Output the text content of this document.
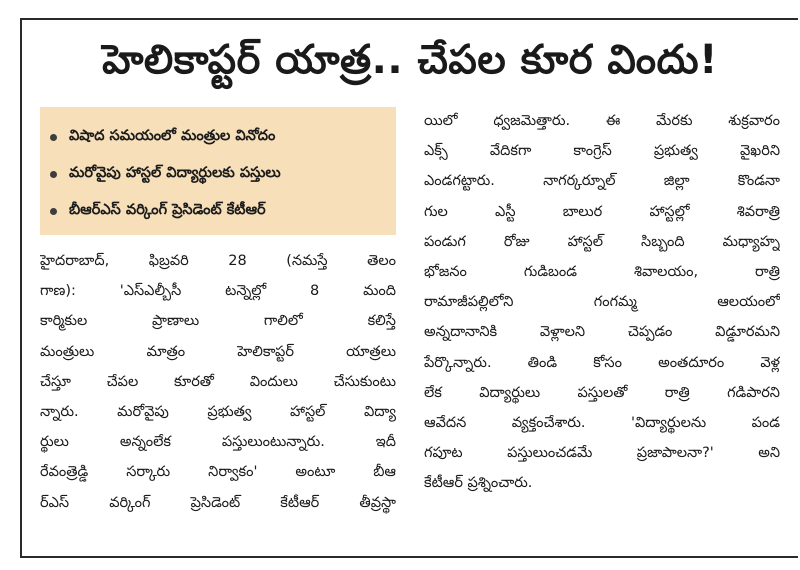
హెలికాప్టర్ యాత్ర.. చేపల కూర విందు!
విషాద సమయంలో మంత్రుల వినోదం
మరోవైపు హాస్టల్ విద్యార్థులకు పస్తులు
బీఆర్ఎస్ వర్కింగ్ ప్రెసిడెంట్ కేటీఆర్
హైదరాబాద్, ఫిబ్రవరి 28 (నమస్తే తెలం
గాణ): 'ఎస్ఎల్బీసీ టన్నెల్లో 8 మంది
కార్మికుల ప్రాణాలు గాలిలో కలిస్తే
మంత్రులు మాత్రం హెలికాప్టర్ యాత్రలు
చేస్తూ చేపల కూరతో విందులు చేసుకుంటు
న్నారు. మరోవైపు ప్రభుత్వ హాస్టల్ విద్యా
ర్థులు అన్నంలేక పస్తులుంటున్నారు. ఇదీ
రేవంత్రెడ్డి సర్కారు నిర్వాకం' అంటూ బీఆ
ర్ఎస్ వర్కింగ్ ప్రెసిడెంట్ కేటీఆర్ తీవ్రస్థా
యిలో ధ్వజమెత్తారు. ఈ మేరకు శుక్రవారం
ఎక్స్ వేదికగా కాంగ్రెస్ ప్రభుత్వ వైఖరిని
ఎండగట్టారు. నాగర్కర్నూల్ జిల్లా కొండనా
గుల ఎస్టీ బాలుర హాస్టల్లో శివరాత్రి
పండుగ రోజు హాస్టల్ సిబ్బంది మధ్యాహ్న
భోజనం గుడిబండ శివాలయం, రాత్రి
రామాజీపల్లిలోని గంగమ్మ ఆలయంలో
అన్నదానానికి వెళ్లాలని చెప్పడం విడ్డూరమని
పేర్కొన్నారు. తిండి కోసం అంతదూరం వెళ్ల
లేక విద్యార్థులు పస్తులతో రాత్రి గడిపారని
ఆవేదన వ్యక్తంచేశారు. 'విద్యార్థులను పండ
గపూట పస్తులుంచడమే ప్రజాపాలనా?' అని
కేటీఆర్ ప్రశ్నించారు.
